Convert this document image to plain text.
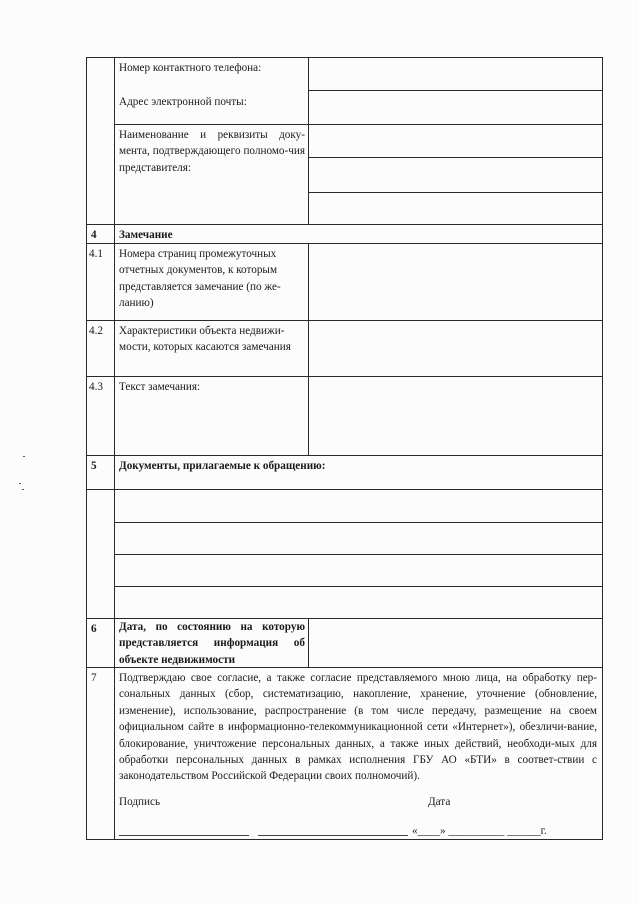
Номер контактного телефона:
Адрес электронной почты:
Наименование и реквизиты доку-мента, подтверждающего полномо-чия представителя:
4 Замечание
4.1 Номера страниц промежуточных отчетных документов, к которым представляется замечание (по же-ланию)
4.2 Характеристики объекта недвижи-мости, которых касаются замечания
4.3 Текст замечания:
5 Документы, прилагаемые к обращению:
6 Дата, по состоянию на которую представляется информация об объекте недвижимости
7 Подтверждаю свое согласие, а также согласие представляемого мною лица, на обработку пер-сональных данных (сбор, систематизацию, накопление, хранение, уточнение (обновление, изменение), использование, распространение (в том числе передачу, размещение на своем официальном сайте в информационно-телекоммуникационной сети «Интернет»), обезличи-вание, блокирование, уничтожение персональных данных, а также иных действий, необходи-мых для обработки персональных данных в рамках исполнения ГБУ АО «БТИ» в соответ-ствии с законодательством Российской Федерации своих полномочий).
Подпись	Дата
«____» __________ ______г.
